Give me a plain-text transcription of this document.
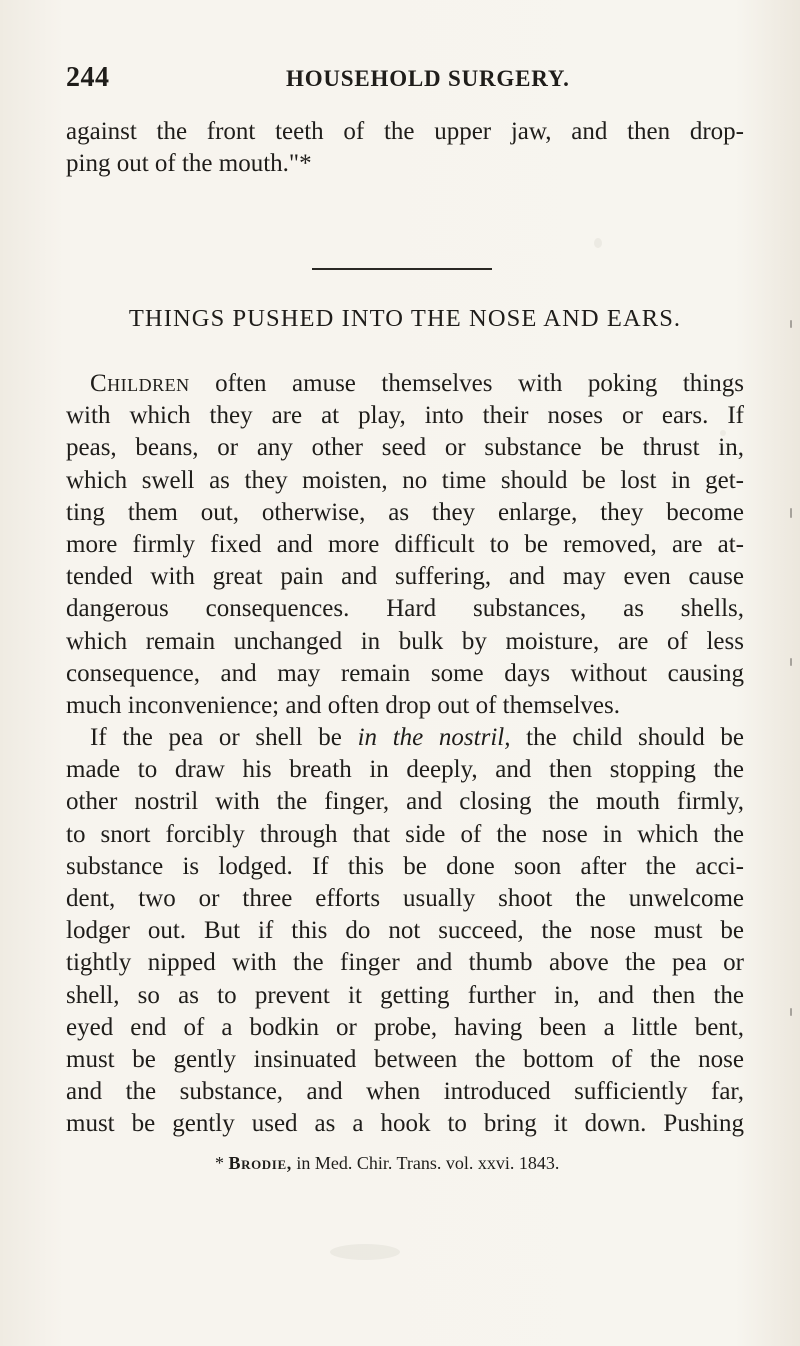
244	HOUSEHOLD SURGERY.
against the front teeth of the upper jaw, and then drop-
ping out of the mouth."*
THINGS PUSHED INTO THE NOSE AND EARS.
Children often amuse themselves with poking things
with which they are at play, into their noses or ears. If
peas, beans, or any other seed or substance be thrust in,
which swell as they moisten, no time should be lost in get-
ting them out, otherwise, as they enlarge, they become
more firmly fixed and more difficult to be removed, are at-
tended with great pain and suffering, and may even cause
dangerous consequences. Hard substances, as shells,
which remain unchanged in bulk by moisture, are of less
consequence, and may remain some days without causing
much inconvenience; and often drop out of themselves.
If the pea or shell be in the nostril, the child should be
made to draw his breath in deeply, and then stopping the
other nostril with the finger, and closing the mouth firmly,
to snort forcibly through that side of the nose in which the
substance is lodged. If this be done soon after the acci-
dent, two or three efforts usually shoot the unwelcome
lodger out. But if this do not succeed, the nose must be
tightly nipped with the finger and thumb above the pea or
shell, so as to prevent it getting further in, and then the
eyed end of a bodkin or probe, having been a little bent,
must be gently insinuated between the bottom of the nose
and the substance, and when introduced sufficiently far,
must be gently used as a hook to bring it down. Pushing
* Brodie, in Med. Chir. Trans. vol. xxvi. 1843.
